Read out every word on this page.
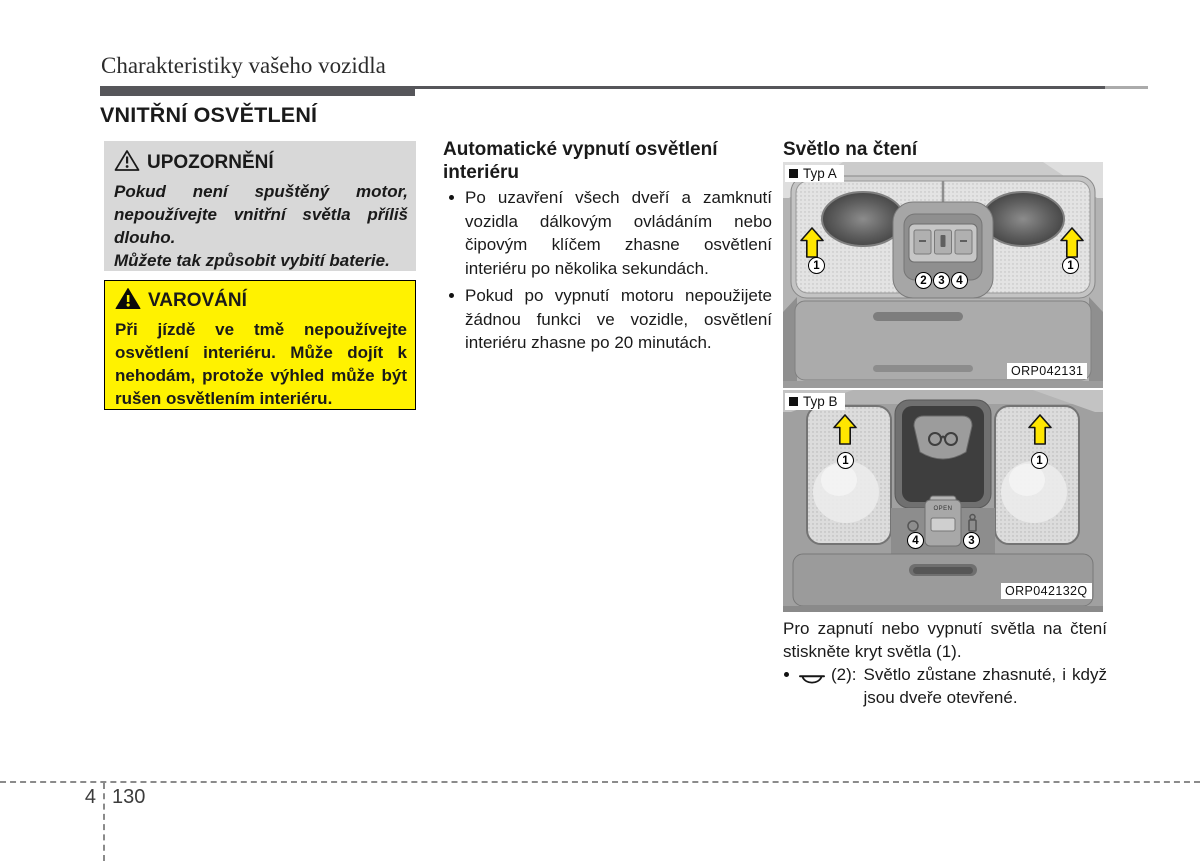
Charakteristiky vašeho vozidla
VNITŘNÍ OSVĚTLENÍ
UPOZORNĚNÍ

Pokud není spuštěný motor, nepoužívejte vnitřní světla příliš dlouho.

Můžete tak způsobit vybití baterie.

VAROVÁNÍ
Při jízdě ve tmě nepoužívejte osvětlení interiéru. Může dojít k nehodám, protože výhled může být rušen osvětlením interiéru.
Automatické vypnutí osvětlení interiéru
Po uzavření všech dveří a zamknutí vozidla dálkovým ovládáním nebo čipovým klíčem zhasne osvětlení interiéru po několika sekundách.
Pokud po vypnutí motoru nepoužijete žádnou funkci ve vozidle, osvětlení interiéru zhasne po 20 minutách.
Světlo na čtení
Typ A
1	1
2	3	4
ORP042131
Typ B
1	1
OPEN
4	3
ORP042132Q
Pro zapnutí nebo vypnutí světla na čtení stiskněte kryt světla (1).
(2): Světlo zůstane zhasnuté, i když jsou dveře otevřené.
4 130
